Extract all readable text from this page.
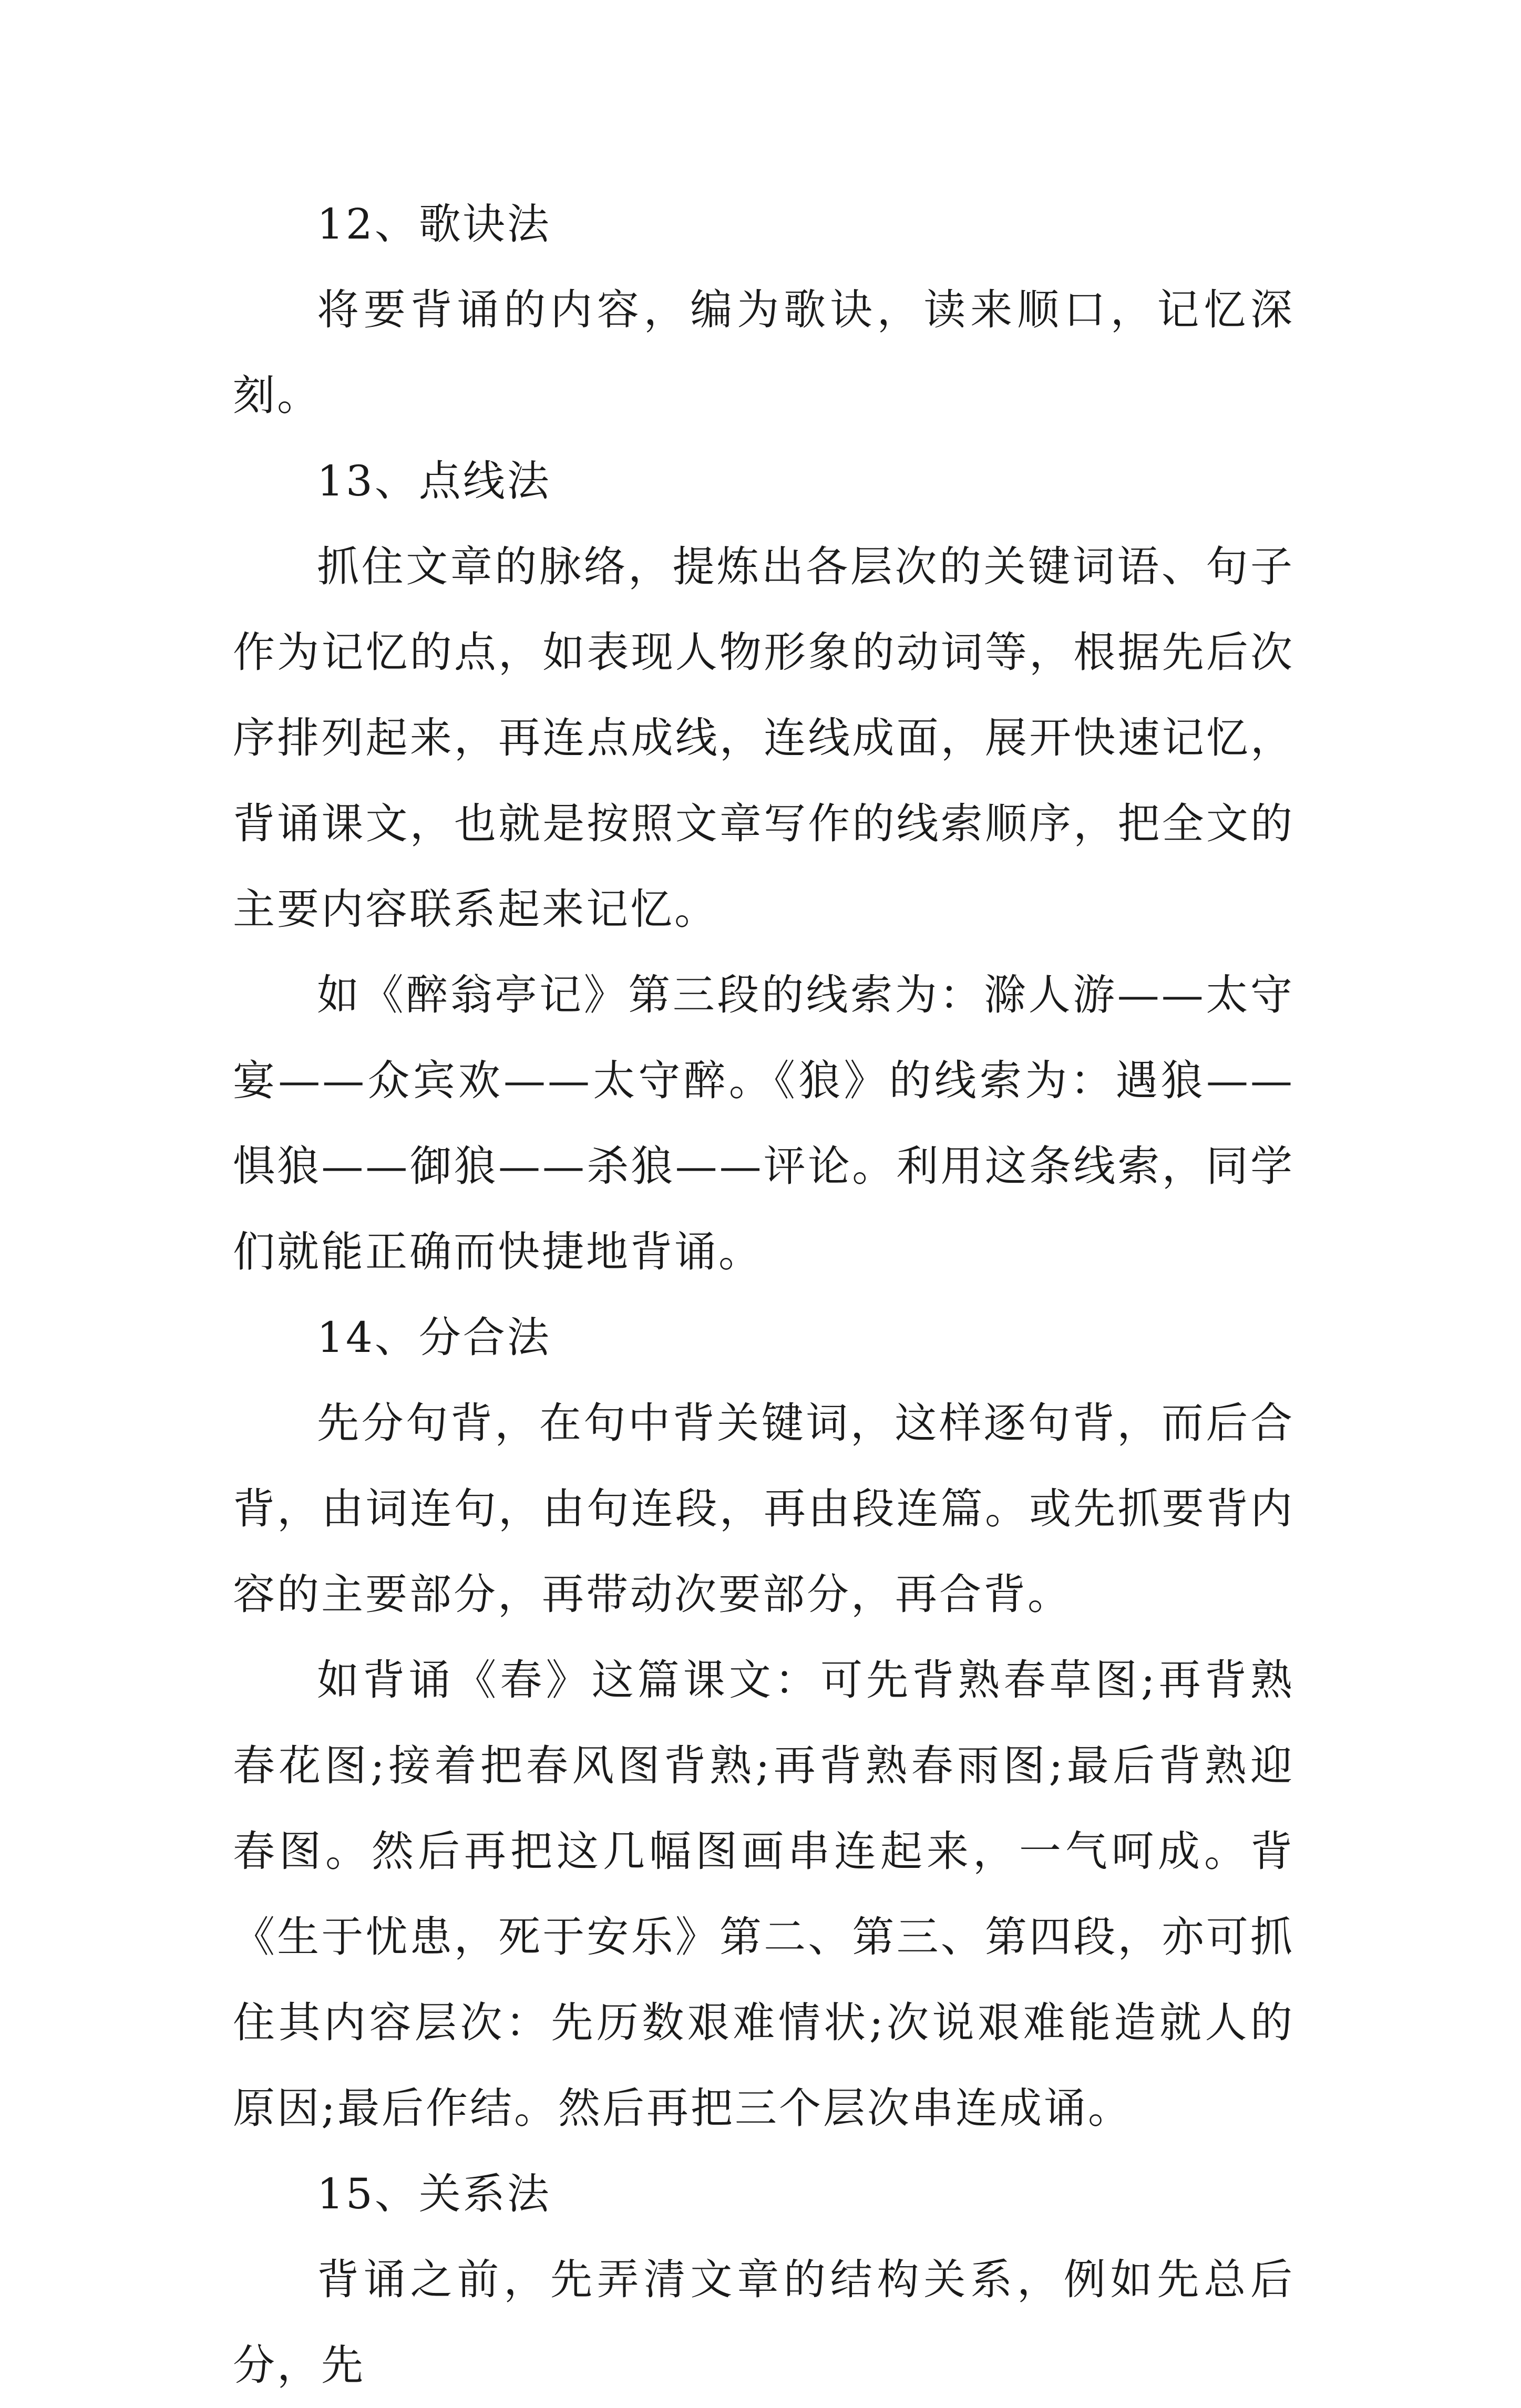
12、歌诀法

将要背诵的内容，编为歌诀，读来顺口，记忆深刻。

13、点线法

抓住文章的脉络，提炼出各层次的关键词语、句子作为记忆的点，如表现人物形象的动词等，根据先后次序排列起来，再连点成线，连线成面，展开快速记忆，背诵课文，也就是按照文章写作的线索顺序，把全文的主要内容联系起来记忆。

如《醉翁亭记》第三段的线索为：滁人游——太守宴——众宾欢——太守醉。《狼》的线索为：遇狼——惧狼——御狼——杀狼——评论。利用这条线索，同学们就能正确而快捷地背诵。

14、分合法

先分句背，在句中背关键词，这样逐句背，而后合背，由词连句，由句连段，再由段连篇。或先抓要背内容的主要部分，再带动次要部分，再合背。

如背诵《春》这篇课文：可先背熟春草图;再背熟春花图;接着把春风图背熟;再背熟春雨图;最后背熟迎春图。然后再把这几幅图画串连起来，一气呵成。背《生于忧患，死于安乐》第二、第三、第四段，亦可抓住其内容层次：先历数艰难情状;次说艰难能造就人的原因;最后作结。然后再把三个层次串连成诵。

15、关系法

背诵之前，先弄清文章的结构关系，例如先总后分，先
